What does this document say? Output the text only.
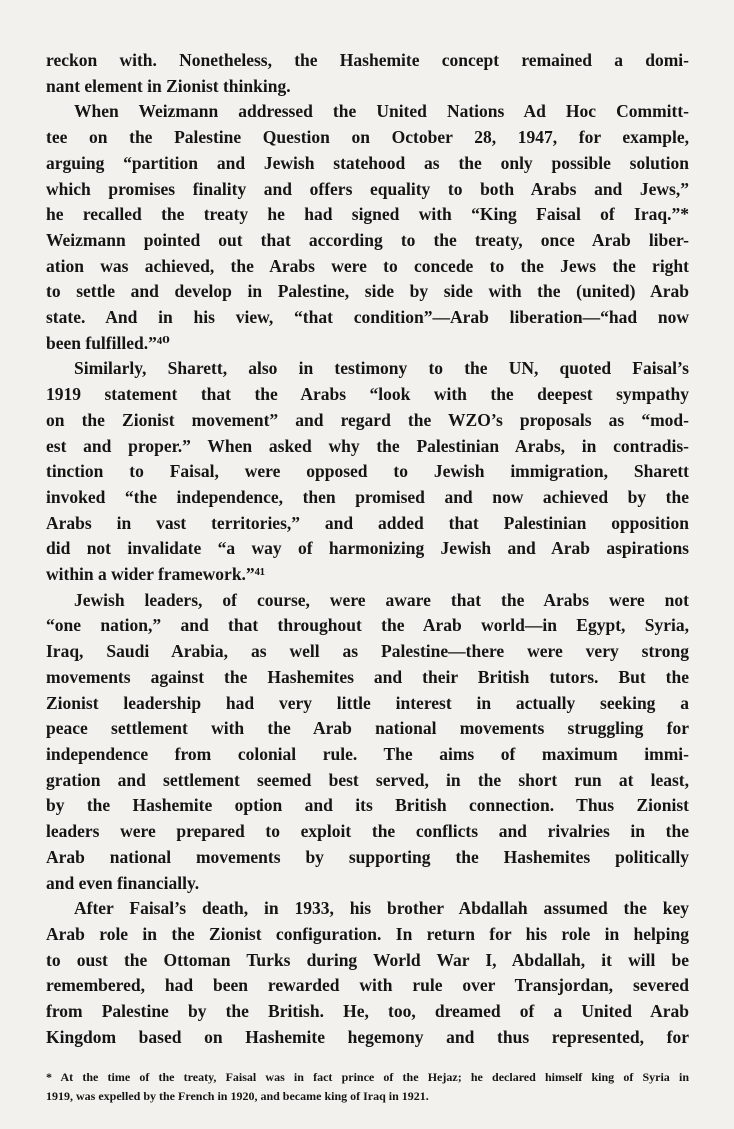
reckon with. Nonetheless, the Hashemite concept remained a domi-
nant element in Zionist thinking.
When Weizmann addressed the United Nations Ad Hoc Committ-
tee on the Palestine Question on October 28, 1947, for example,
arguing “partition and Jewish statehood as the only possible solution
which promises finality and offers equality to both Arabs and Jews,”
he recalled the treaty he had signed with “King Faisal of Iraq.”*
Weizmann pointed out that according to the treaty, once Arab liber-
ation was achieved, the Arabs were to concede to the Jews the right
to settle and develop in Palestine, side by side with the (united) Arab
state. And in his view, “that condition”—Arab liberation—“had now
been fulfilled.”⁴⁰
Similarly, Sharett, also in testimony to the UN, quoted Faisal’s
1919 statement that the Arabs “look with the deepest sympathy
on the Zionist movement” and regard the WZO’s proposals as “mod-
est and proper.” When asked why the Palestinian Arabs, in contradis-
tinction to Faisal, were opposed to Jewish immigration, Sharett
invoked “the independence, then promised and now achieved by the
Arabs in vast territories,” and added that Palestinian opposition
did not invalidate “a way of harmonizing Jewish and Arab aspirations
within a wider framework.”⁴¹
Jewish leaders, of course, were aware that the Arabs were not
“one nation,” and that throughout the Arab world—in Egypt, Syria,
Iraq, Saudi Arabia, as well as Palestine—there were very strong
movements against the Hashemites and their British tutors. But the
Zionist leadership had very little interest in actually seeking a
peace settlement with the Arab national movements struggling for
independence from colonial rule. The aims of maximum immi-
gration and settlement seemed best served, in the short run at least,
by the Hashemite option and its British connection. Thus Zionist
leaders were prepared to exploit the conflicts and rivalries in the
Arab national movements by supporting the Hashemites politically
and even financially.
After Faisal’s death, in 1933, his brother Abdallah assumed the key
Arab role in the Zionist configuration. In return for his role in helping
to oust the Ottoman Turks during World War I, Abdallah, it will be
remembered, had been rewarded with rule over Transjordan, severed
from Palestine by the British. He, too, dreamed of a United Arab
Kingdom based on Hashemite hegemony and thus represented, for
* At the time of the treaty, Faisal was in fact prince of the Hejaz; he declared himself king of Syria in
1919, was expelled by the French in 1920, and became king of Iraq in 1921.
